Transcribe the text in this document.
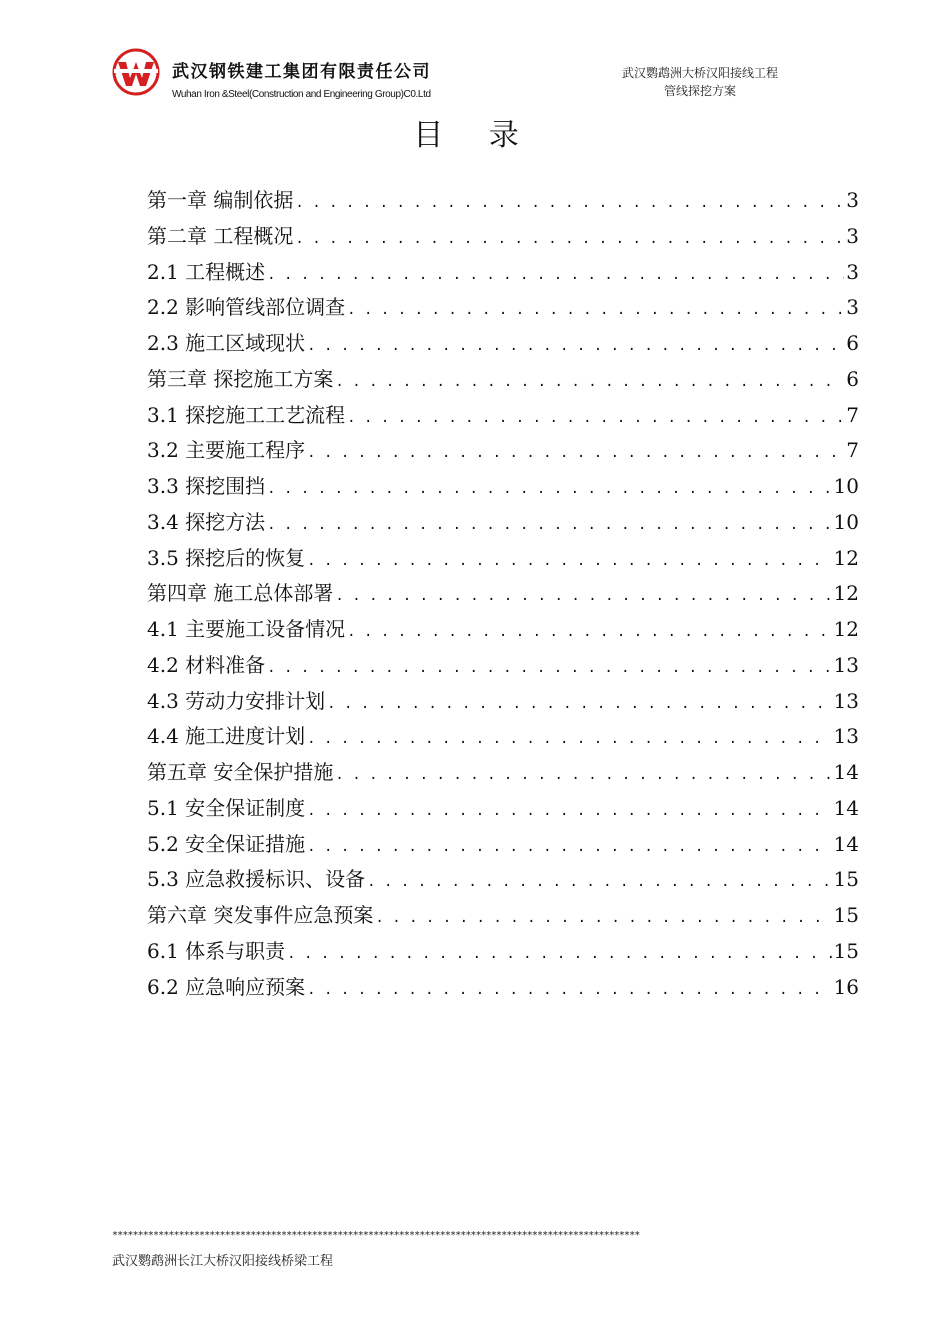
武汉钢铁建工集团有限责任公司
Wuhan Iron &Steel(Construction and Engineering Group)C0.Ltd
武汉鹦鹉洲大桥汉阳接线工程
管线探挖方案
目 录
第一章 编制依据 . . .	3
第二章 工程概况 . . .	3
2.1 工程概述 . . .	3
2.2 影响管线部位调查 . . .	3
2.3 施工区域现状 . . .	6
第三章 探挖施工方案 . . .	6
3.1 探挖施工工艺流程 . . .	7
3.2 主要施工程序 . . .	7
3.3 探挖围挡 . . .	10
3.4 探挖方法 . . .	10
3.5 探挖后的恢复 . . .	12
第四章 施工总体部署 . . .	12
4.1 主要施工设备情况 . . .	12
4.2 材料准备 . . .	13
4.3 劳动力安排计划 . . .	13
4.4 施工进度计划 . . .	13
第五章 安全保护措施 . . .	14
5.1 安全保证制度 . . .	14
5.2 安全保证措施 . . .	14
5.3 应急救援标识、设备 . . .	15
第六章 突发事件应急预案 . . .	15
6.1 体系与职责 . . .	15
6.2 应急响应预案 . . .	16
*******************************************************************************************************
武汉鹦鹉洲长江大桥汉阳接线桥梁工程
